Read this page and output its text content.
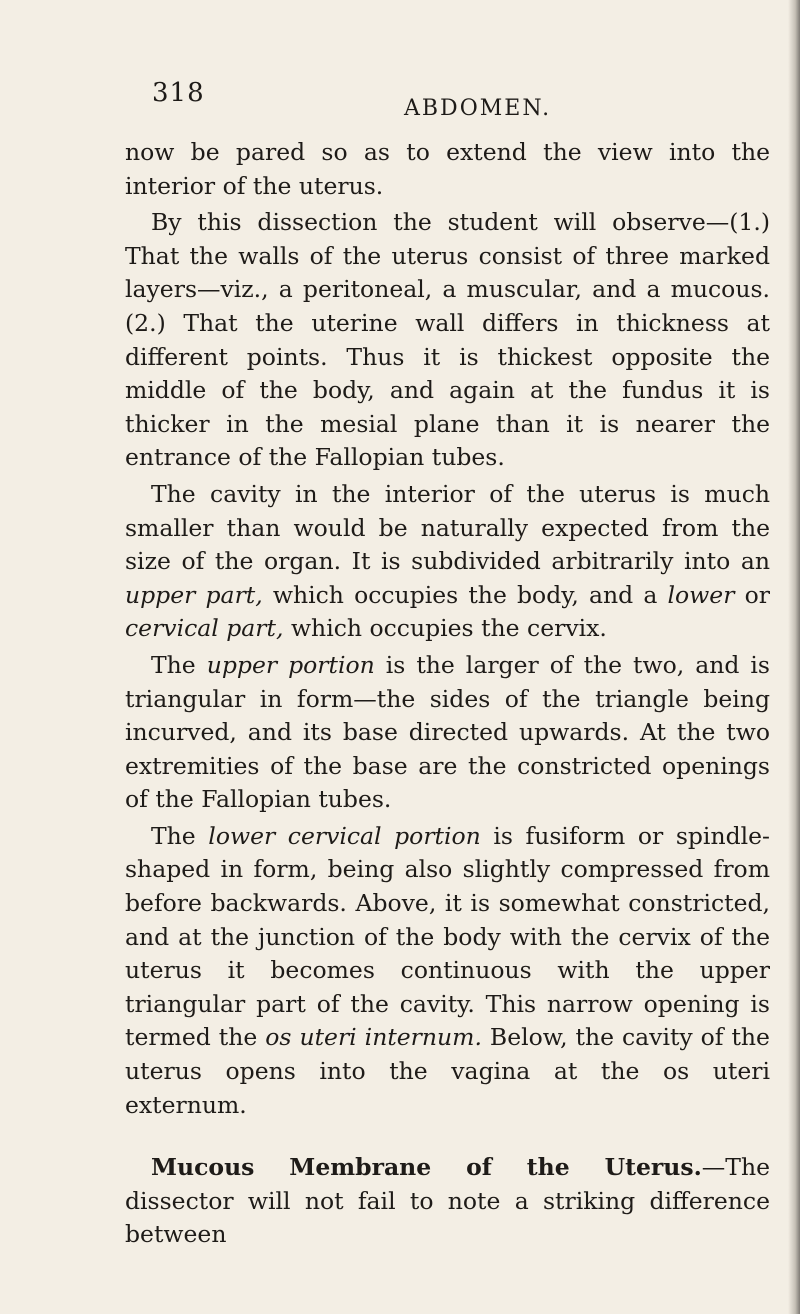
318
ABDOMEN.

now be pared so as to extend the view into the interior of the uterus.

By this dissection the student will observe—(1.) That the walls of the uterus consist of three marked layers—viz., a peritoneal, a muscular, and a mucous. (2.) That the uterine wall differs in thickness at different points. Thus it is thickest opposite the middle of the body, and again at the fundus it is thicker in the mesial plane than it is nearer the entrance of the Fallopian tubes.

The cavity in the interior of the uterus is much smaller than would be naturally expected from the size of the organ. It is subdivided arbitrarily into an upper part, which occupies the body, and a lower or cervical part, which occupies the cervix.

The upper portion is the larger of the two, and is triangular in form—the sides of the triangle being incurved, and its base directed upwards. At the two extremities of the base are the constricted openings of the Fallopian tubes.

The lower cervical portion is fusiform or spindle-shaped in form, being also slightly compressed from before backwards. Above, it is somewhat constricted, and at the junction of the body with the cervix of the uterus it becomes continuous with the upper triangular part of the cavity. This narrow opening is termed the os uteri internum. Below, the cavity of the uterus opens into the vagina at the os uteri externum.

Mucous Membrane of the Uterus.—The dissector will not fail to note a striking difference between
